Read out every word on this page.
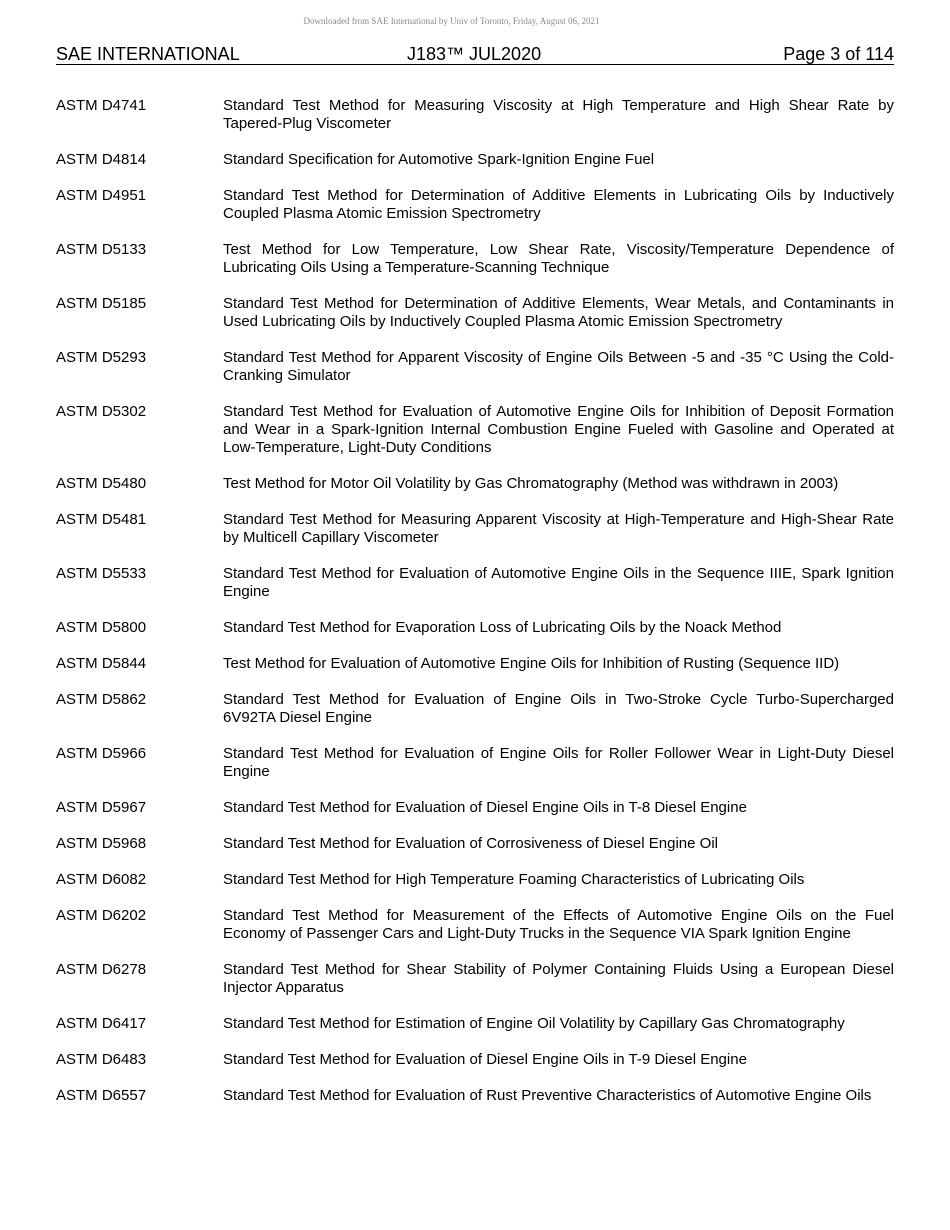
Downloaded from SAE International by Univ of Toronto, Friday, August 06, 2021
SAE INTERNATIONAL	J183™ JUL2020	Page 3 of 114
ASTM D4741	Standard Test Method for Measuring Viscosity at High Temperature and High Shear Rate by Tapered-Plug Viscometer
ASTM D4814	Standard Specification for Automotive Spark-Ignition Engine Fuel
ASTM D4951	Standard Test Method for Determination of Additive Elements in Lubricating Oils by Inductively Coupled Plasma Atomic Emission Spectrometry
ASTM D5133	Test Method for Low Temperature, Low Shear Rate, Viscosity/Temperature Dependence of Lubricating Oils Using a Temperature-Scanning Technique
ASTM D5185	Standard Test Method for Determination of Additive Elements, Wear Metals, and Contaminants in Used Lubricating Oils by Inductively Coupled Plasma Atomic Emission Spectrometry
ASTM D5293	Standard Test Method for Apparent Viscosity of Engine Oils Between -5 and -35 °C Using the Cold-Cranking Simulator
ASTM D5302	Standard Test Method for Evaluation of Automotive Engine Oils for Inhibition of Deposit Formation and Wear in a Spark-Ignition Internal Combustion Engine Fueled with Gasoline and Operated at Low-Temperature, Light-Duty Conditions
ASTM D5480	Test Method for Motor Oil Volatility by Gas Chromatography (Method was withdrawn in 2003)
ASTM D5481	Standard Test Method for Measuring Apparent Viscosity at High-Temperature and High-Shear Rate by Multicell Capillary Viscometer
ASTM D5533	Standard Test Method for Evaluation of Automotive Engine Oils in the Sequence IIIE, Spark Ignition Engine
ASTM D5800	Standard Test Method for Evaporation Loss of Lubricating Oils by the Noack Method
ASTM D5844	Test Method for Evaluation of Automotive Engine Oils for Inhibition of Rusting (Sequence IID)
ASTM D5862	Standard Test Method for Evaluation of Engine Oils in Two-Stroke Cycle Turbo-Supercharged 6V92TA Diesel Engine
ASTM D5966	Standard Test Method for Evaluation of Engine Oils for Roller Follower Wear in Light-Duty Diesel Engine
ASTM D5967	Standard Test Method for Evaluation of Diesel Engine Oils in T-8 Diesel Engine
ASTM D5968	Standard Test Method for Evaluation of Corrosiveness of Diesel Engine Oil
ASTM D6082	Standard Test Method for High Temperature Foaming Characteristics of Lubricating Oils
ASTM D6202	Standard Test Method for Measurement of the Effects of Automotive Engine Oils on the Fuel Economy of Passenger Cars and Light-Duty Trucks in the Sequence VIA Spark Ignition Engine
ASTM D6278	Standard Test Method for Shear Stability of Polymer Containing Fluids Using a European Diesel Injector Apparatus
ASTM D6417	Standard Test Method for Estimation of Engine Oil Volatility by Capillary Gas Chromatography
ASTM D6483	Standard Test Method for Evaluation of Diesel Engine Oils in T-9 Diesel Engine
ASTM D6557	Standard Test Method for Evaluation of Rust Preventive Characteristics of Automotive Engine Oils
